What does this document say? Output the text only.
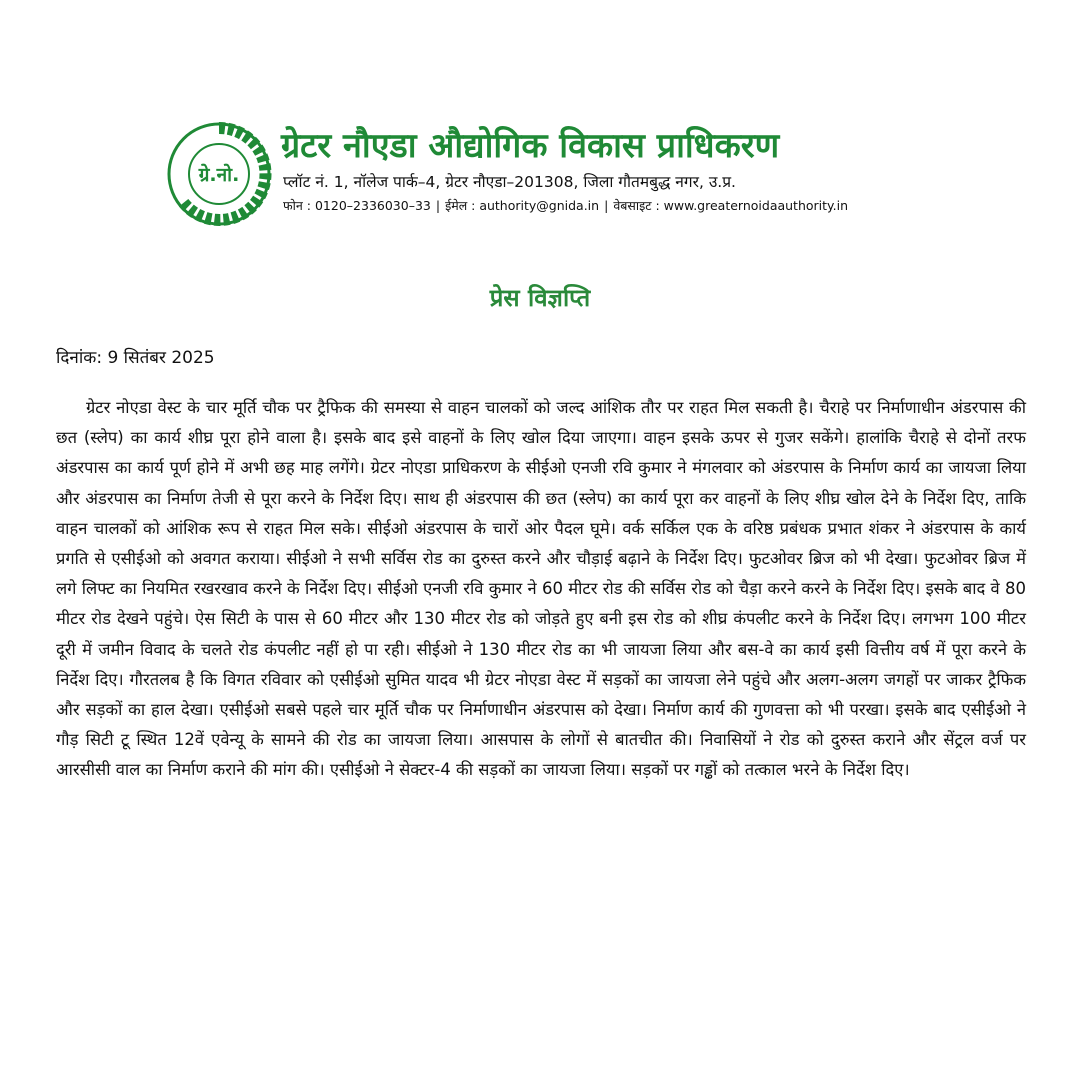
ग्रे.नो.
ग्रेटर नौएडा औद्योगिक विकास प्राधिकरण
प्लॉट नं. 1, नॉलेज पार्क–4, ग्रेटर नौएडा–201308, जिला गौतमबुद्ध नगर, उ.प्र.
फोन : 0120–2336030–33 | ईमेल : authority@gnida.in | वेबसाइट : www.greaternoidaauthority.in
प्रेस विज्ञप्ति
दिनांक: 9 सितंबर 2025

ग्रेटर नोएडा वेस्ट के चार मूर्ति चौक पर ट्रैफिक की समस्या से वाहन चालकों को जल्द आंशिक तौर पर राहत मिल सकती है। चैराहे पर निर्माणाधीन अंडरपास की छत (स्लेप) का कार्य शीघ्र पूरा होने वाला है। इसके बाद इसे वाहनों के लिए खोल दिया जाएगा। वाहन इसके ऊपर से गुजर सकेंगे। हालांकि चैराहे से दोनों तरफ अंडरपास का कार्य पूर्ण होने में अभी छह माह लगेंगे। ग्रेटर नोएडा प्राधिकरण के सीईओ एनजी रवि कुमार ने मंगलवार को अंडरपास के निर्माण कार्य का जायजा लिया और अंडरपास का निर्माण तेजी से पूरा करने के निर्देश दिए। साथ ही अंडरपास की छत (स्लेप) का कार्य पूरा कर वाहनों के लिए शीघ्र खोल देने के निर्देश दिए, ताकि वाहन चालकों को आंशिक रूप से राहत मिल सके। सीईओ अंडरपास के चारों ओर पैदल घूमे। वर्क सर्किल एक के वरिष्ठ प्रबंधक प्रभात शंकर ने अंडरपास के कार्य प्रगति से एसीईओ को अवगत कराया। सीईओ ने सभी सर्विस रोड का दुरुस्त करने और चौड़ाई बढ़ाने के निर्देश दिए। फुटओवर ब्रिज को भी देखा। फुटओवर ब्रिज में लगे लिफ्ट का नियमित रखरखाव करने के निर्देश दिए। सीईओ एनजी रवि कुमार ने 60 मीटर रोड की सर्विस रोड को चैड़ा करने करने के निर्देश दिए। इसके बाद वे 80 मीटर रोड देखने पहुंचे। ऐस सिटी के पास से 60 मीटर और 130 मीटर रोड को जोड़ते हुए बनी इस रोड को शीघ्र कंपलीट करने के निर्देश दिए। लगभग 100 मीटर दूरी में जमीन विवाद के चलते रोड कंपलीट नहीं हो पा रही। सीईओ ने 130 मीटर रोड का भी जायजा लिया और बस-वे का कार्य इसी वित्तीय वर्ष में पूरा करने के निर्देश दिए। गौरतलब है कि विगत रविवार को एसीईओ सुमित यादव भी ग्रेटर नोएडा वेस्ट में सड़कों का जायजा लेने पहुंचे और अलग-अलग जगहों पर जाकर ट्रैफिक और सड़कों का हाल देखा। एसीईओ सबसे पहले चार मूर्ति चौक पर निर्माणाधीन अंडरपास को देखा। निर्माण कार्य की गुणवत्ता को भी परखा। इसके बाद एसीईओ ने गौड़ सिटी टू स्थित 12वें एवेन्यू के सामने की रोड का जायजा लिया। आसपास के लोगों से बातचीत की। निवासियों ने रोड को दुरुस्त कराने और सेंट्रल वर्ज पर आरसीसी वाल का निर्माण कराने की मांग की। एसीईओ ने सेक्टर-4 की सड़कों का जायजा लिया। सड़कों पर गड्ढों को तत्काल भरने के निर्देश दिए।
